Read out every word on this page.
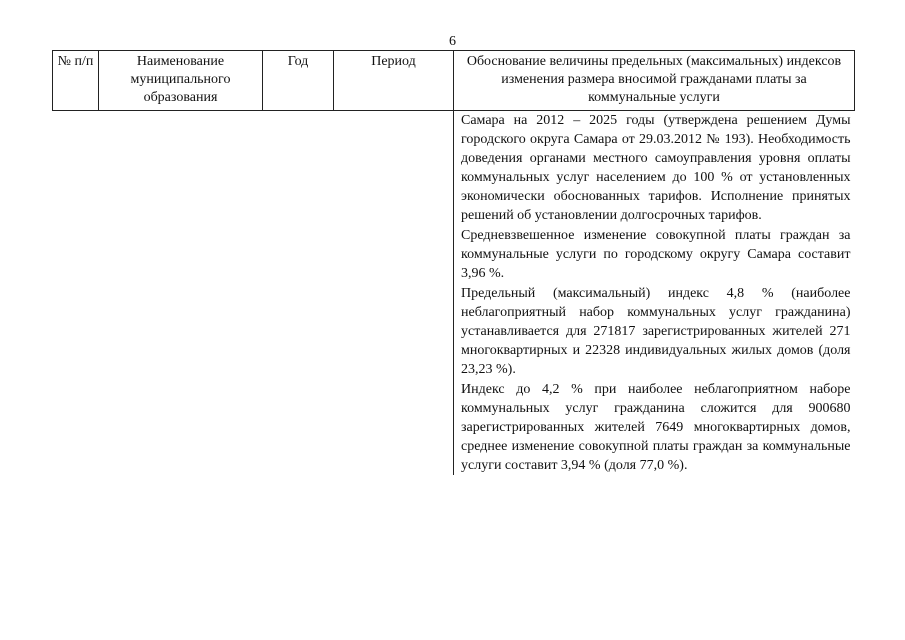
6
№ п/п	Наименование муниципального образования	Год	Период	Обоснование величины предельных (максимальных) индексов изменения размера вносимой гражданами платы за коммунальные услуги

				Самара на 2012 – 2025 годы (утверждена решением Думы городского округа Самара от 29.03.2012 № 193). Необходимость доведения органами местного самоуправления уровня оплаты коммунальных услуг населением до 100 % от установленных экономически обоснованных тарифов. Исполнение принятых решений об установлении долгосрочных тарифов.

Средневзвешенное изменение совокупной платы граждан за коммунальные услуги по городскому округу Самара составит 3,96 %.

Предельный (максимальный) индекс 4,8 % (наиболее неблагоприятный набор коммунальных услуг гражданина) устанавливается для 271817 зарегистрированных жителей 271 многоквартирных и 22328 индивидуальных жилых домов (доля 23,23 %).

Индекс до 4,2 % при наиболее неблагоприятном наборе коммунальных услуг гражданина сложится для 900680 зарегистрированных жителей 7649 многоквартирных домов, среднее изменение совокупной платы граждан за коммунальные услуги составит 3,94 % (доля 77,0 %).
